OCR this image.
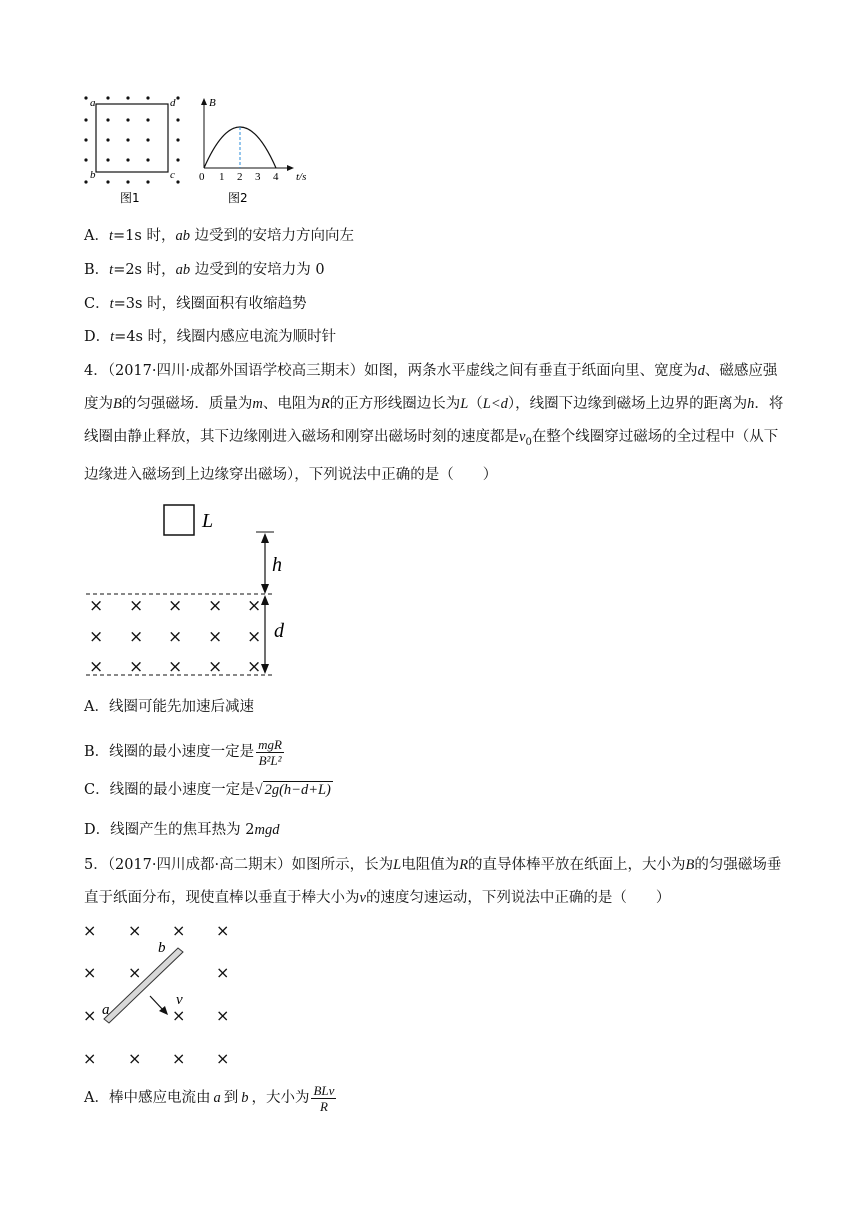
a	d
b	c
图1
B
0 1 2 3 4 t/s
图2
A．t=1s 时，ab 边受到的安培力方向向左
B．t=2s 时，ab 边受到的安培力为 0
C．t=3s 时，线圈面积有收缩趋势
D．t=4s 时，线圈内感应电流为顺时针
4．（2017·四川·成都外国语学校高三期末）如图，两条水平虚线之间有垂直于纸面向里、宽度为d、磁感应强度为B的匀强磁场．质量为m、电阻为R的正方形线圈边长为L（L<d），线圈下边缘到磁场上边界的距离为h．将线圈由静止释放，其下边缘刚进入磁场和刚穿出磁场时刻的速度都是$v_0$在整个线圈穿过磁场的全过程中（从下边缘进入磁场到上边缘穿出磁场），下列说法中正确的是（　　）
L
h
d
× × × × ×
× × × × ×
× × × × ×
A．线圈可能先加速后减速
B．线圈的最小速度一定是 $\frac{\text{mgR}}{\text{B²L²}}$
C．线圈的最小速度一定是√ 2g(h−d+L)
D．线圈产生的焦耳热为 2mgd
5．（2017·四川成都·高二期末）如图所示，长为L电阻值为R的直导体棒平放在纸面上，大小为B的匀强磁场垂直于纸面分布，现使直棒以垂直于棒大小为v的速度匀速运动，下列说法中正确的是（　　）
× × × ×
× ×	×
×	× ×
× × × ×
b
a
v
A．棒中感应电流由 a 到 b ，大小为 $\frac{\text{BLv}}{R}$
